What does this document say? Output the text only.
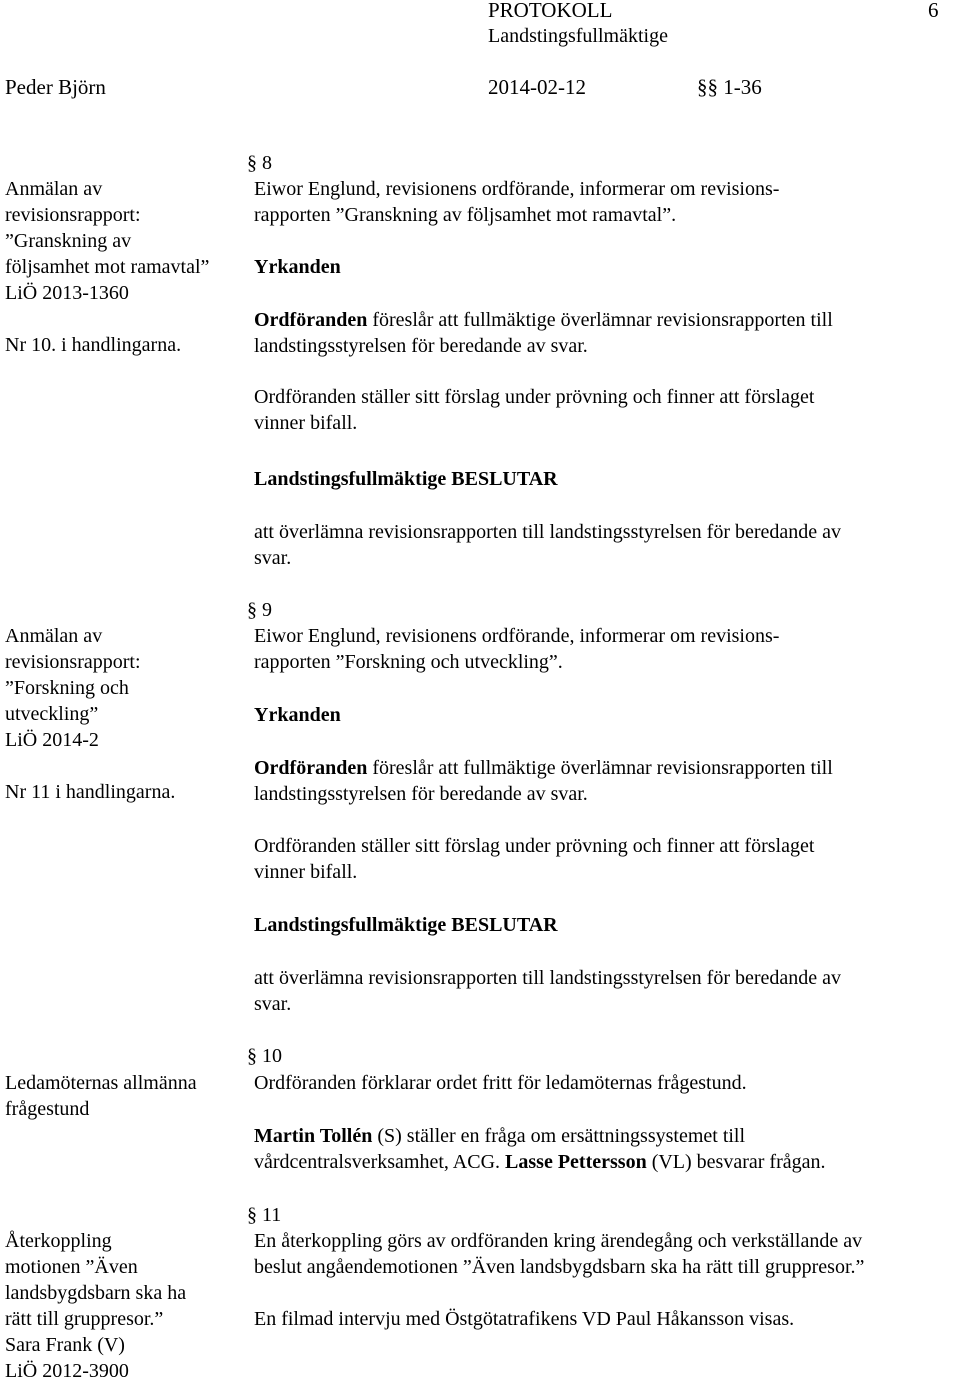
PROTOKOLL	6
Landstingsfullmäktige
Peder Björn	2014-02-12	§§ 1-36
§ 8
Anmälan av
revisionsrapport:
”Granskning av
följsamhet mot ramavtal”
LiÖ 2013-1360
Nr 10. i handlingarna.
Eiwor Englund, revisionens ordförande, informerar om revisions-
rapporten ”Granskning av följsamhet mot ramavtal”.
Yrkanden
Ordföranden föreslår att fullmäktige överlämnar revisionsrapporten till
landstingsstyrelsen för beredande av svar.
Ordföranden ställer sitt förslag under prövning och finner att förslaget
vinner bifall.
Landstingsfullmäktige BESLUTAR
att överlämna revisionsrapporten till landstingsstyrelsen för beredande av
svar.
§ 9
Anmälan av
revisionsrapport:
”Forskning och
utveckling”
LiÖ 2014-2
Nr 11 i handlingarna.
Eiwor Englund, revisionens ordförande, informerar om revisions-
rapporten ”Forskning och utveckling”.
Yrkanden
Ordföranden föreslår att fullmäktige överlämnar revisionsrapporten till
landstingsstyrelsen för beredande av svar.
Ordföranden ställer sitt förslag under prövning och finner att förslaget
vinner bifall.
Landstingsfullmäktige BESLUTAR
att överlämna revisionsrapporten till landstingsstyrelsen för beredande av
svar.
§ 10
Ledamöternas allmänna
frågestund
Ordföranden förklarar ordet fritt för ledamöternas frågestund.
Martin Tollén (S) ställer en fråga om ersättningssystemet till
vårdcentralsverksamhet, ACG. Lasse Pettersson (VL) besvarar frågan.
§ 11
Återkoppling
motionen ”Även
landsbygdsbarn ska ha
rätt till gruppresor.”
Sara Frank (V)
LiÖ 2012-3900
En återkoppling görs av ordföranden kring ärendegång och verkställande av
beslut angåendemotionen ”Även landsbygdsbarn ska ha rätt till gruppresor.”
En filmad intervju med Östgötatrafikens VD Paul Håkansson visas.
